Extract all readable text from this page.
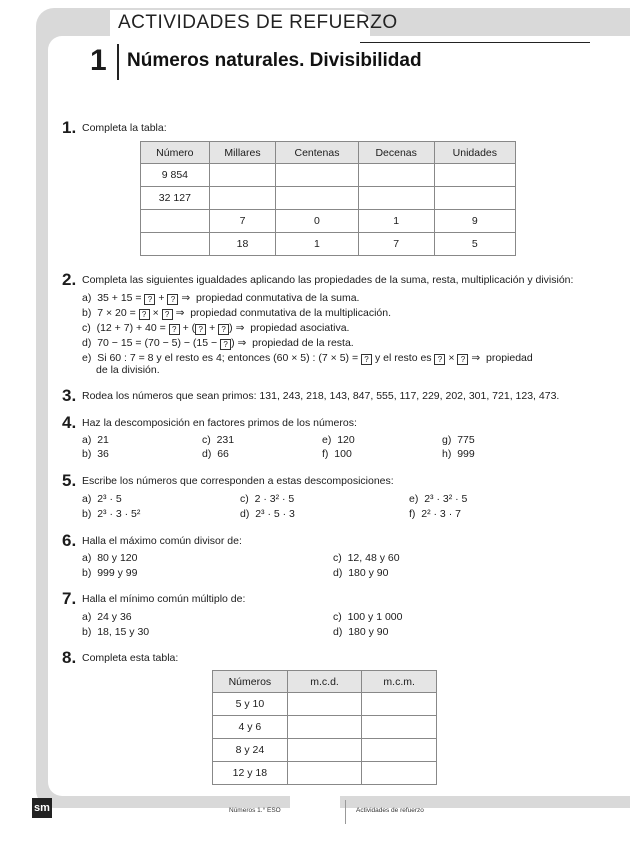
ACTIVIDADES DE REFUERZO
1 Números naturales. Divisibilidad
1. Completa la tabla:
Número	Millares	Centenas	Decenas	Unidades
9 854				
32 127				
	7	0	1	9
	18	1	7	5
2. Completa las siguientes igualdades aplicando las propiedades de la suma, resta, multiplicación y división:
a) 35 + 15 = ? + ? ⇒ propiedad conmutativa de la suma.
b) 7 × 20 = ? × ? ⇒ propiedad conmutativa de la multiplicación.
c) (12 + 7) + 40 = ? + ( ? + ? ) ⇒ propiedad asociativa.
d) 70 − 15 = (70 − 5) − (15 − ? ) ⇒ propiedad de la resta.
e) Si 60 : 7 = 8 y el resto es 4; entonces (60 × 5) : (7 × 5) = ? y el resto es ? × ? ⇒ propiedad
de la división.
3. Rodea los números que sean primos: 131, 243, 218, 143, 847, 555, 117, 229, 202, 301, 721, 123, 473.
4. Haz la descomposición en factores primos de los números:
a) 21	c) 231	e) 120	g) 775
b) 36	d) 66	f) 100	h) 999
5. Escribe los números que corresponden a estas descomposiciones:
a) 2³ · 5	c) 2 · 3² · 5	e) 2³ · 3² · 5
b) 2³ · 3 · 5²	d) 2³ · 5 · 3	f) 2² · 3 · 7
6. Halla el máximo común divisor de:
a) 80 y 120	c) 12, 48 y 60
b) 999 y 99	d) 180 y 90
7. Halla el mínimo común múltiplo de:
a) 24 y 36	c) 100 y 1 000
b) 18, 15 y 30	d) 180 y 90
8. Completa esta tabla:
Números	m.c.d.	m.c.m.
5 y 10		
4 y 6		
8 y 24		
12 y 18		
sm	Números 1.° ESO	Actividades de refuerzo
